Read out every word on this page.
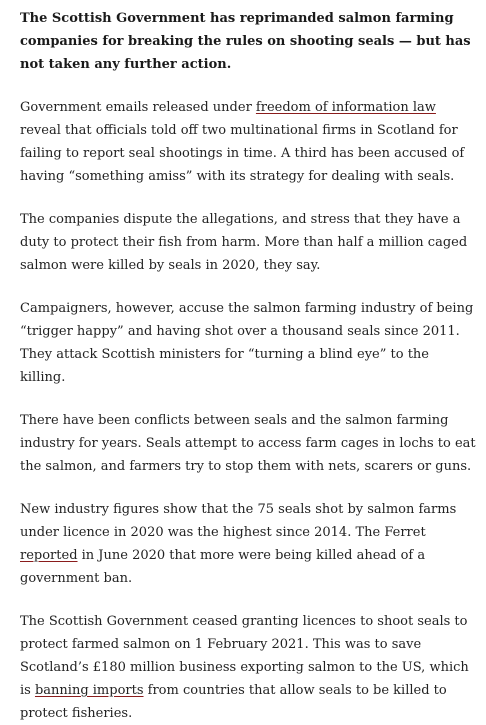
The Scottish Government has reprimanded salmon farming companies for breaking the rules on shooting seals — but has not taken any further action.

Government emails released under freedom of information law reveal that officials told off two multinational firms in Scotland for failing to report seal shootings in time. A third has been accused of having “something amiss” with its strategy for dealing with seals.

The companies dispute the allegations, and stress that they have a duty to protect their fish from harm. More than half a million caged salmon were killed by seals in 2020, they say.

Campaigners, however, accuse the salmon farming industry of being “trigger happy” and having shot over a thousand seals since 2011. They attack Scottish ministers for “turning a blind eye” to the killing.

There have been conflicts between seals and the salmon farming industry for years. Seals attempt to access farm cages in lochs to eat the salmon, and farmers try to stop them with nets, scarers or guns.

New industry figures show that the 75 seals shot by salmon farms under licence in 2020 was the highest since 2014. The Ferret reported in June 2020 that more were being killed ahead of a government ban.

The Scottish Government ceased granting licences to shoot seals to protect farmed salmon on 1 February 2021. This was to save Scotland’s £180 million business exporting salmon to the US, which is banning imports from countries that allow seals to be killed to protect fisheries.
